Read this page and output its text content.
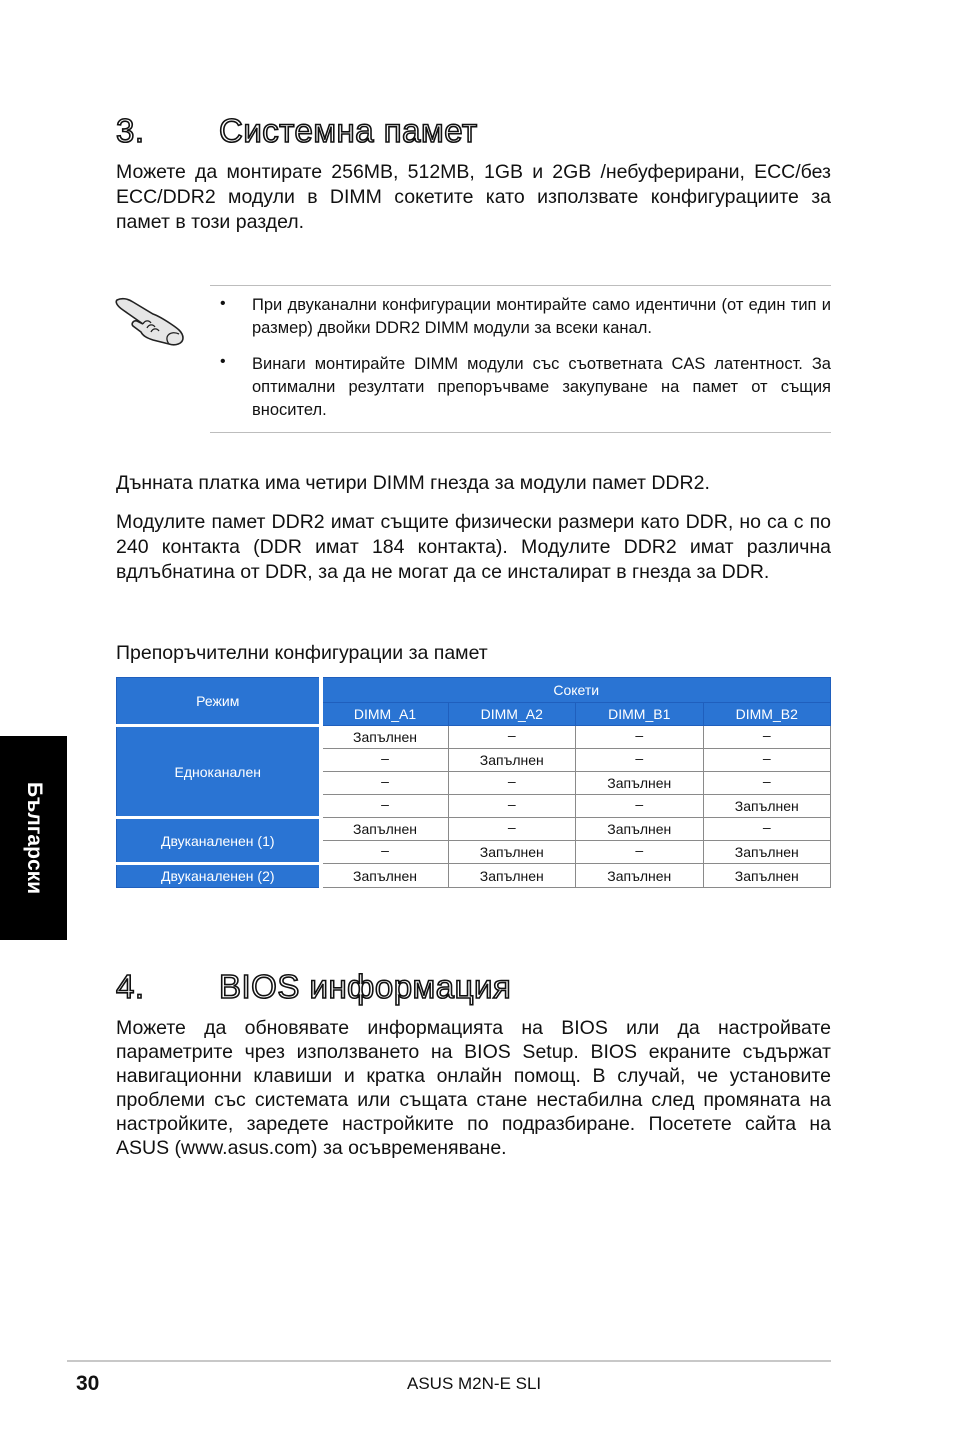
3. Системна памет
Можете да монтирате 256MB, 512MB, 1GB и 2GB /небуферирани, ECC/без ECC/DDR2 модули в DIMM сокетите като използвате конфигурациите за памет в този раздел.
• При двуканални конфигурации монтирайте само идентични (от един тип и размер) двойки DDR2 DIMM модули за всеки канал.
• Винаги монтирайте DIMM модули със съответната CAS латентност. За оптимални резултати препоръчваме закупуване на памет от същия вносител.
Дънната платка има четири DIMM гнезда за модули памет DDR2.
Модулите памет DDR2 имат същите физически размери като DDR, но са с по 240 контакта (DDR имат 184 контакта). Модулите DDR2 имат различна вдлъбнатина от DDR, за да не могат да се инсталират в гнезда за DDR.
Препоръчителни конфигурации за памет
Режим	Сокети			
	DIMM_A1	DIMM_A2	DIMM_B1	DIMM_B2
Едноканален	Запълнен	–	–	–
	–	Запълнен	–	–
	–	–	Запълнен	–
	–	–	–	Запълнен
Двуканаленен (1)	Запълнен	–	Запълнен	–
	–	Запълнен	–	Запълнен
Двуканаленен (2)	Запълнен	Запълнен	Запълнен	Запълнен
Български
4. BIOS информация
Можете да обновявате информацията на BIOS или да настройвате параметрите чрез използването на BIOS Setup. BIOS екраните съдържат навигационни клавиши и кратка онлайн помощ. В случай, че установите проблеми със системата или същата стане нестабилна след промяната на настройките, заредете настройките по подразбиране. Посетете сайта на ASUS (www.asus.com) за осъвременяване.
30	ASUS M2N-E SLI
